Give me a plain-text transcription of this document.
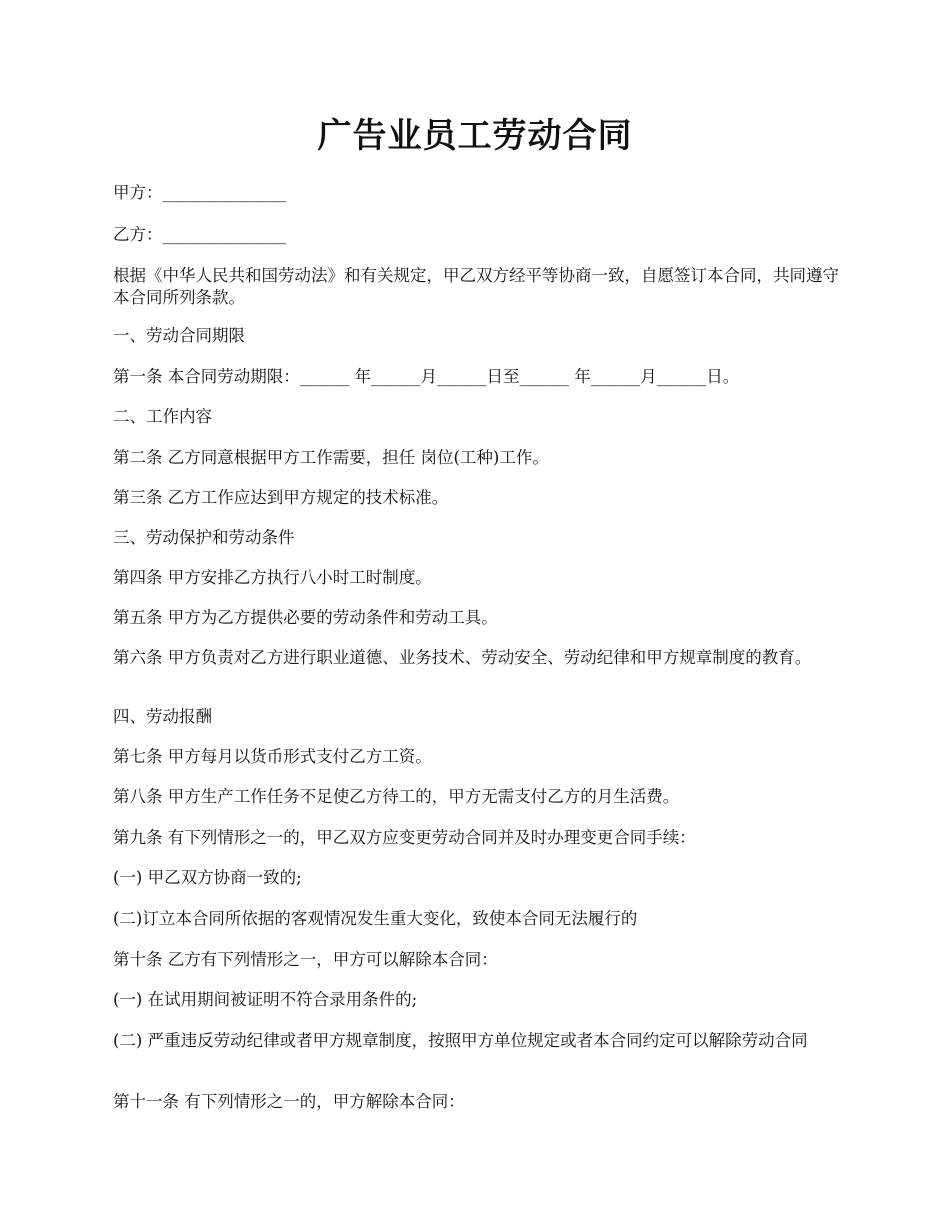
广告业员工劳动合同
甲方：_______________
乙方：_______________
根据《中华人民共和国劳动法》和有关规定，甲乙双方经平等协商一致，自愿签订本合同，共同遵守本合同所列条款。
一、劳动合同期限
第一条 本合同劳动期限：______ 年______月______日至______ 年______月______日。
二、工作内容
第二条 乙方同意根据甲方工作需要，担任 岗位(工种)工作。
第三条 乙方工作应达到甲方规定的技术标准。
三、劳动保护和劳动条件
第四条 甲方安排乙方执行八小时工时制度。
第五条 甲方为乙方提供必要的劳动条件和劳动工具。
第六条 甲方负责对乙方进行职业道德、业务技术、劳动安全、劳动纪律和甲方规章制度的教育。
四、劳动报酬
第七条 甲方每月以货币形式支付乙方工资。
第八条 甲方生产工作任务不足使乙方待工的，甲方无需支付乙方的月生活费。
第九条 有下列情形之一的，甲乙双方应变更劳动合同并及时办理变更合同手续：
(一) 甲乙双方协商一致的;
(二)订立本合同所依据的客观情况发生重大变化，致使本合同无法履行的
第十条 乙方有下列情形之一，甲方可以解除本合同：
(一) 在试用期间被证明不符合录用条件的;
(二) 严重违反劳动纪律或者甲方规章制度，按照甲方单位规定或者本合同约定可以解除劳动合同
第十一条 有下列情形之一的，甲方解除本合同：
